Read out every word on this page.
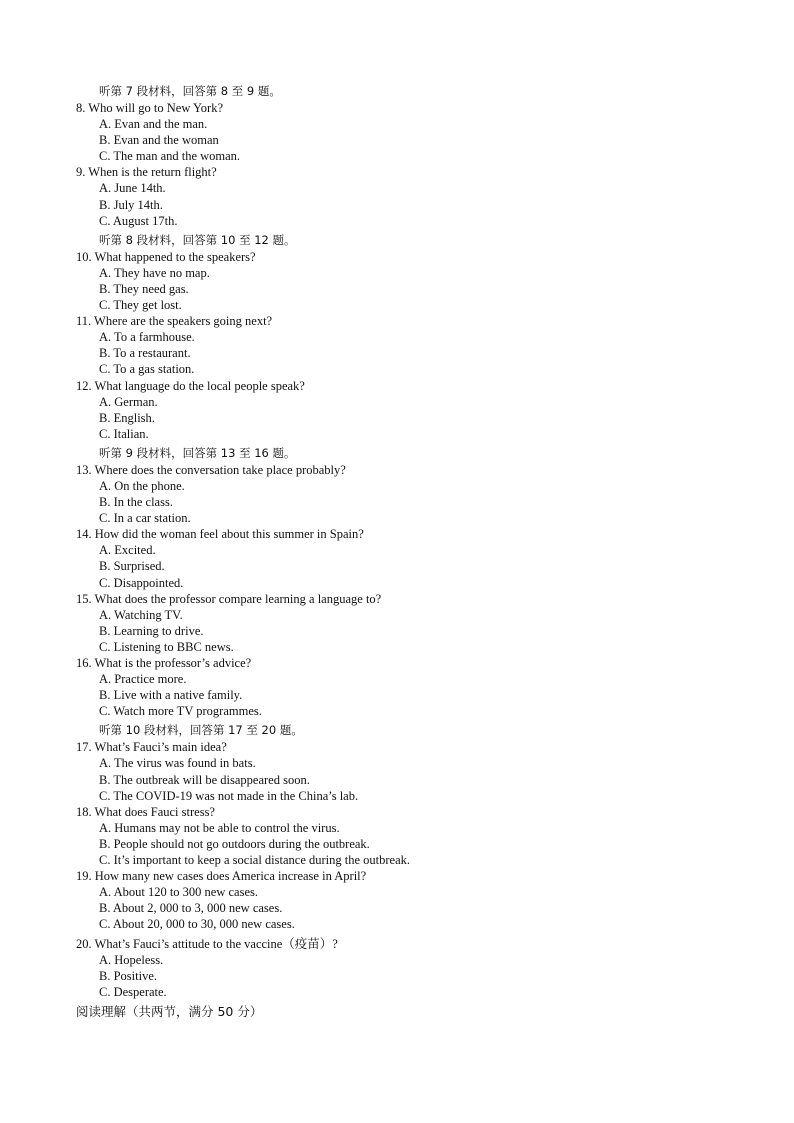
听第 7 段材料，回答第 8 至 9 题。
8. Who will go to New York?
A. Evan and the man.
B. Evan and the woman
C. The man and the woman.
9. When is the return flight?
A. June 14th.
B. July 14th.
C. August 17th.
听第 8 段材料，回答第 10 至 12 题。
10. What happened to the speakers?
A. They have no map.
B. They need gas.
C. They get lost.
11. Where are the speakers going next?
A. To a farmhouse.
B. To a restaurant.
C. To a gas station.
12. What language do the local people speak?
A. German.
B. English.
C. Italian.
听第 9 段材料，回答第 13 至 16 题。
13. Where does the conversation take place probably?
A. On the phone.
B. In the class.
C. In a car station.
14. How did the woman feel about this summer in Spain?
A. Excited.
B. Surprised.
C. Disappointed.
15. What does the professor compare learning a language to?
A. Watching TV.
B. Learning to drive.
C. Listening to BBC news.
16. What is the professor’s advice?
A. Practice more.
B. Live with a native family.
C. Watch more TV programmes.
听第 10 段材料，回答第 17 至 20 题。
17. What’s Fauci’s main idea?
A. The virus was found in bats.
B. The outbreak will be disappeared soon.
C. The COVID-19 was not made in the China’s lab.
18. What does Fauci stress?
A. Humans may not be able to control the virus.
B. People should not go outdoors during the outbreak.
C. It’s important to keep a social distance during the outbreak.
19. How many new cases does America increase in April?
A. About 120 to 300 new cases.
B. About 2, 000 to 3, 000 new cases.
C. About 20, 000 to 30, 000 new cases.
20. What’s Fauci’s attitude to the vaccine（疫苗）?
A. Hopeless.
B. Positive.
C. Desperate.
阅读理解（共两节，满分 50 分）
